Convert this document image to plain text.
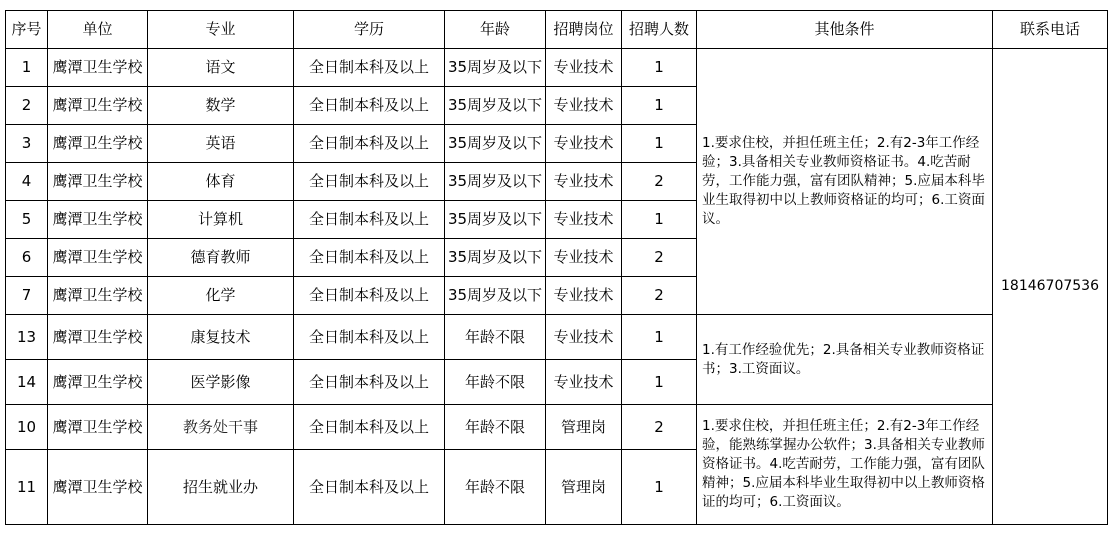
序号	单位	专业	学历	年龄	招聘岗位	招聘人数	其他条件	联系电话
1	鹰潭卫生学校	语文	全日制本科及以上	35周岁及以下	专业技术	1	1.要求住校，并担任班主任；2.有2-3年工作经验；3.具备相关专业教师资格证书。4.吃苦耐劳，工作能力强，富有团队精神；5.应届本科毕业生取得初中以上教师资格证的均可；6.工资面议。	18146707536
2	鹰潭卫生学校	数学	全日制本科及以上	35周岁及以下	专业技术	1		
3	鹰潭卫生学校	英语	全日制本科及以上	35周岁及以下	专业技术	1		
4	鹰潭卫生学校	体育	全日制本科及以上	35周岁及以下	专业技术	2		
5	鹰潭卫生学校	计算机	全日制本科及以上	35周岁及以下	专业技术	1		
6	鹰潭卫生学校	德育教师	全日制本科及以上	35周岁及以下	专业技术	2		
7	鹰潭卫生学校	化学	全日制本科及以上	35周岁及以下	专业技术	2		
13	鹰潭卫生学校	康复技术	全日制本科及以上	年龄不限	专业技术	1	1.有工作经验优先；2.具备相关专业教师资格证书；3.工资面议。	
14	鹰潭卫生学校	医学影像	全日制本科及以上	年龄不限	专业技术	1		
10	鹰潭卫生学校	教务处干事	全日制本科及以上	年龄不限	管理岗	2	1.要求住校，并担任班主任；2.有2-3年工作经验，能熟练掌握办公软件；3.具备相关专业教师资格证书。4.吃苦耐劳，工作能力强，富有团队精神；5.应届本科毕业生取得初中以上教师资格证的均可；6.工资面议。	
11	鹰潭卫生学校	招生就业办	全日制本科及以上	年龄不限	管理岗	1		
